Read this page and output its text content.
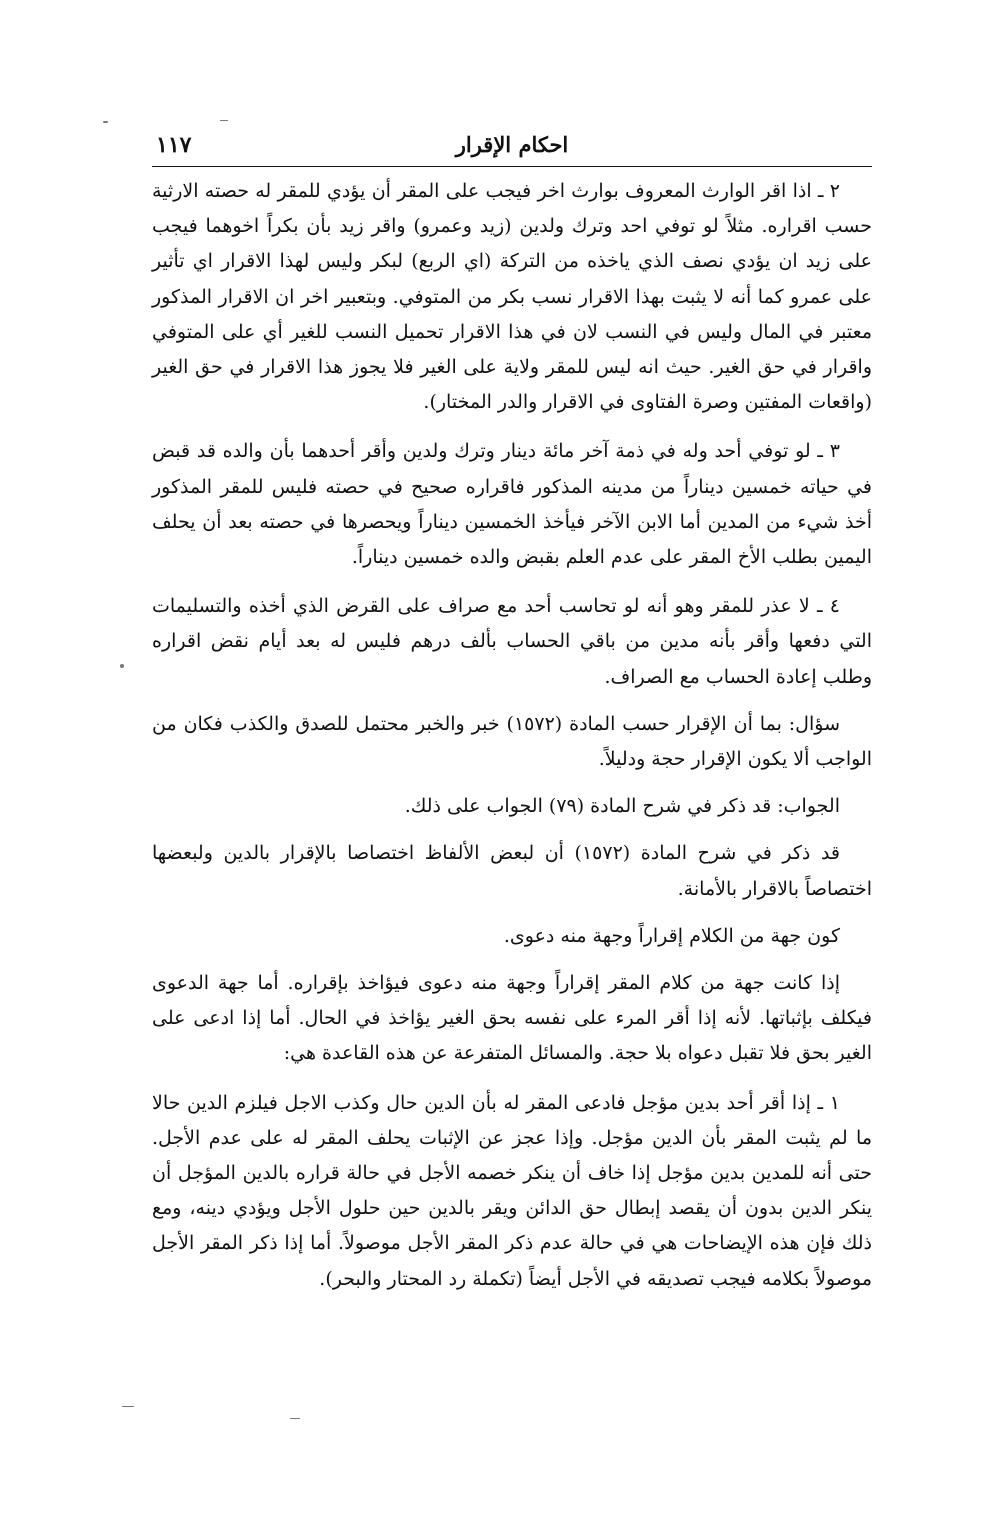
احكام الإقرار
١١٧

٢ ـ اذا اقر الوارث المعروف بوارث اخر فيجب على المقر أن يؤدي للمقر له حصته الارثية حسب اقراره. مثلاً لو توفي احد وترك ولدين (زيد وعمرو) واقر زيد بأن بكراً اخوهما فيجب على زيد ان يؤدي نصف الذي ياخذه من التركة (اي الربع) لبكر وليس لهذا الاقرار اي تأثير على عمرو كما أنه لا يثبت بهذا الاقرار نسب بكر من المتوفي. وبتعبير اخر ان الاقرار المذكور معتبر في المال وليس في النسب لان في هذا الاقرار تحميل النسب للغير أي على المتوفي واقرار في حق الغير. حيث انه ليس للمقر ولاية على الغير فلا يجوز هذا الاقرار في حق الغير (واقعات المفتين وصرة الفتاوى في الاقرار والدر المختار).

٣ ـ لو توفي أحد وله في ذمة آخر مائة دينار وترك ولدين وأقر أحدهما بأن والده قد قبض في حياته خمسين ديناراً من مدينه المذكور فاقراره صحيح في حصته فليس للمقر المذكور أخذ شيء من المدين أما الابن الآخر فيأخذ الخمسين ديناراً ويحصرها في حصته بعد أن يحلف اليمين بطلب الأخ المقر على عدم العلم بقبض والده خمسين ديناراً.

٤ ـ لا عذر للمقر وهو أنه لو تحاسب أحد مع صراف على القرض الذي أخذه والتسليمات التي دفعها وأقر بأنه مدين من باقي الحساب بألف درهم فليس له بعد أيام نقض اقراره وطلب إعادة الحساب مع الصراف.

سؤال: بما أن الإقرار حسب المادة (١٥٧٢) خبر والخبر محتمل للصدق والكذب فكان من الواجب ألا يكون الإقرار حجة ودليلاً.

الجواب: قد ذكر في شرح المادة (٧٩) الجواب على ذلك.

قد ذكر في شرح المادة (١٥٧٢) أن لبعض الألفاظ اختصاصا بالإقرار بالدين ولبعضها اختصاصاً بالاقرار بالأمانة.

كون جهة من الكلام إقراراً وجهة منه دعوى.

إذا كانت جهة من كلام المقر إقراراً وجهة منه دعوى فيؤاخذ بإقراره. أما جهة الدعوى فيكلف بإثباتها. لأنه إذا أقر المرء على نفسه بحق الغير يؤاخذ في الحال. أما إذا ادعى على الغير بحق فلا تقبل دعواه بلا حجة. والمسائل المتفرعة عن هذه القاعدة هي:

١ ـ إذا أقر أحد بدين مؤجل فادعى المقر له بأن الدين حال وكذب الاجل فيلزم الدين حالا ما لم يثبت المقر بأن الدين مؤجل. وإذا عجز عن الإثبات يحلف المقر له على عدم الأجل. حتى أنه للمدين بدين مؤجل إذا خاف أن ينكر خصمه الأجل في حالة قراره بالدين المؤجل أن ينكر الدين بدون أن يقصد إبطال حق الدائن ويقر بالدين حين حلول الأجل ويؤدي دينه، ومع ذلك فإن هذه الإيضاحات هي في حالة عدم ذكر المقر الأجل موصولاً. أما إذا ذكر المقر الأجل موصولاً بكلامه فيجب تصديقه في الأجل أيضاً (تكملة رد المحتار والبحر).
